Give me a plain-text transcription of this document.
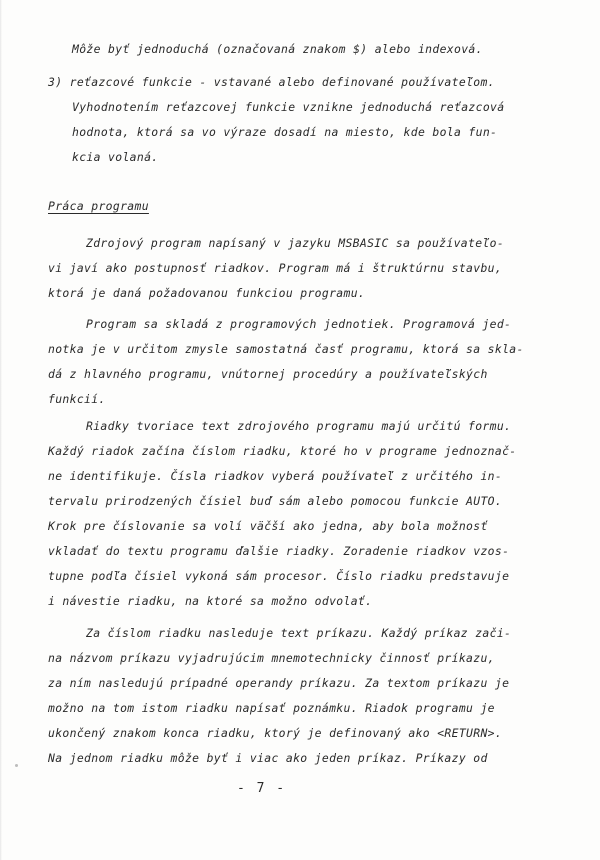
Môže byť jednoduchá (označovaná znakom $) alebo indexová.
3) reťazcové funkcie - vstavané alebo definované používateľom.
Vyhodnotením reťazcovej funkcie vznikne jednoduchá reťazcová
hodnota, ktorá sa vo výraze dosadí na miesto, kde bola fun-
kcia volaná.
Práca programu
Zdrojový program napísaný v jazyku MSBASIC sa používateľo-
vi javí ako postupnosť riadkov. Program má i štruktúrnu stavbu,
ktorá je daná požadovanou funkciou programu.
Program sa skladá z programových jednotiek. Programová jed-
notka je v určitom zmysle samostatná časť programu, ktorá sa skla-
dá z hlavného programu, vnútornej procedúry a používateľských
funkcií.
Riadky tvoriace text zdrojového programu majú určitú formu.
Každý riadok začína číslom riadku, ktoré ho v programe jednoznač-
ne identifikuje. Čísla riadkov vyberá používateľ z určitého in-
tervalu prirodzených čísiel buď sám alebo pomocou funkcie AUTO.
Krok pre číslovanie sa volí väčší ako jedna, aby bola možnosť
vkladať do textu programu ďalšie riadky. Zoradenie riadkov vzos-
tupne podľa čísiel vykoná sám procesor. Číslo riadku predstavuje
i návestie riadku, na ktoré sa možno odvolať.
Za číslom riadku nasleduje text príkazu. Každý príkaz zači-
na názvom príkazu vyjadrujúcim mnemotechnicky činnosť príkazu,
za ním nasledujú prípadné operandy príkazu. Za textom príkazu je
možno na tom istom riadku napísať poznámku. Riadok programu je
ukončený znakom konca riadku, ktorý je definovaný ako <RETURN>.
Na jednom riadku môže byť i viac ako jeden príkaz. Príkazy od
- 7 -
